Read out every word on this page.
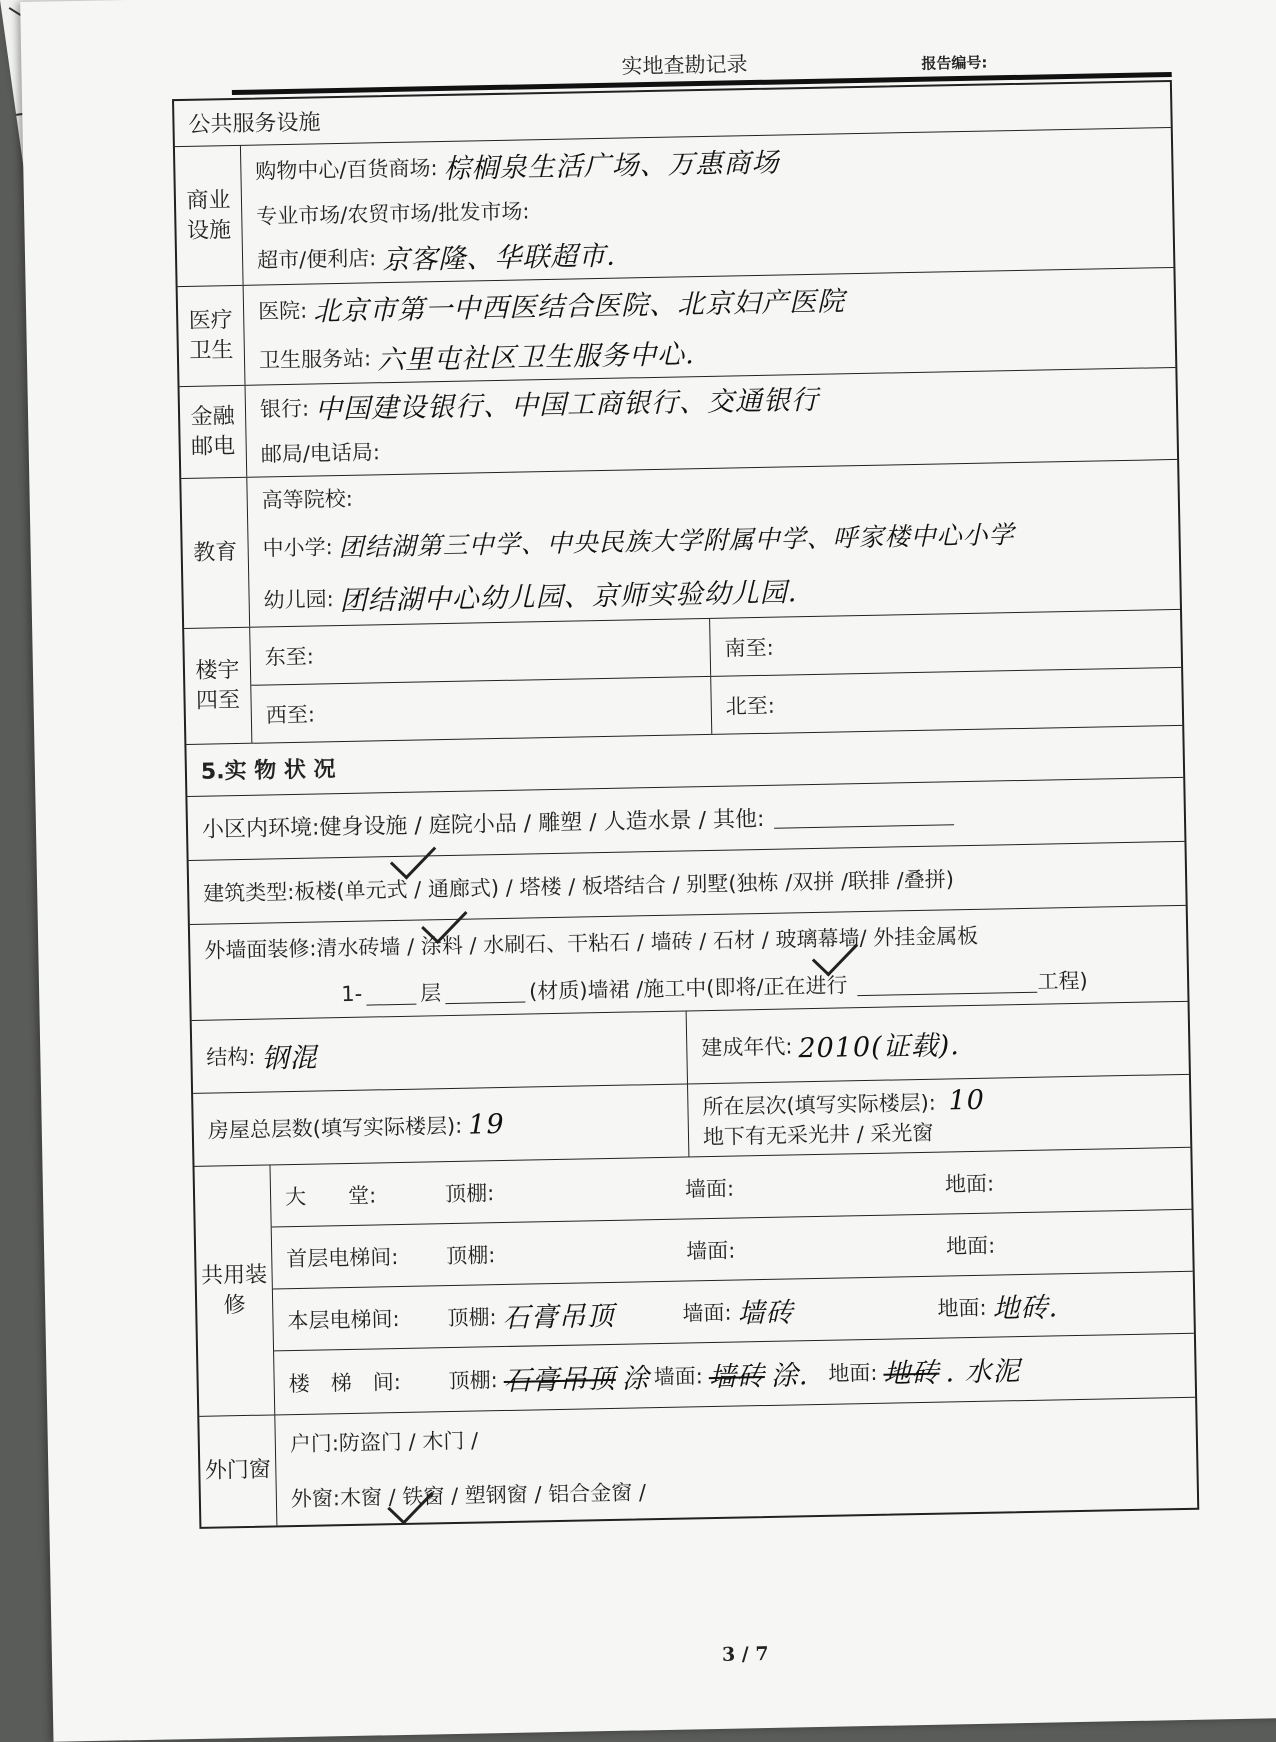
实地查勘记录	报告编号:
公共服务设施
商业设施
购物中心/百货商场: 棕榈泉生活广场、万惠商场
专业市场/农贸市场/批发市场:
超市/便利店: 京客隆、华联超市.
医疗卫生
医院: 北京市第一中西医结合医院、北京妇产医院
卫生服务站: 六里屯社区卫生服务中心.
金融邮电
银行: 中国建设银行、中国工商银行、交通银行
邮局/电话局:
教育
高等院校:
中小学: 团结湖第三中学、中央民族大学附属中学、呼家楼中心小学
幼儿园: 团结湖中心幼儿园、京师实验幼儿园.
楼宇四至
东至:	南至:
西至:	北至:
5.实 物 状 况
小区内环境: 健身设施 / 庭院小品 / 雕塑 / 人造水景 / 其他:
建筑类型: 板楼(单元式 / 通廊式) / 塔楼 / 板塔结合 / 别墅(独栋 /双拼 /联排 /叠拼)
外墙面装修: 清水砖墙 / 涂料 / 水刷石、干粘石 / 墙砖 / 石材 / 玻璃幕墙/ 外挂金属板
1-	层	(材质)墙裙 /施工中(即将/正在进行	工程)
结构: 钢混	建成年代: 2010(证载).
房屋总层数(填写实际楼层): 19
所在层次(填写实际楼层): 10
地下有无采光井 / 采光窗
共用装修
大　　堂:	顶棚:	墙面:	地面:
首层电梯间:	顶棚:	墙面:	地面:
本层电梯间:	顶棚: 石膏吊顶	墙面: 墙砖	地面: 地砖.
楼　梯　间:	顶棚: 石膏吊顶 涂 墙面: 墙砖 涂. 地面: 地砖 . 水泥
外门窗
户门: 防盗门 / 木门 /
外窗: 木窗 / 铁窗 / 塑钢窗 / 铝合金窗 /
3 / 7
